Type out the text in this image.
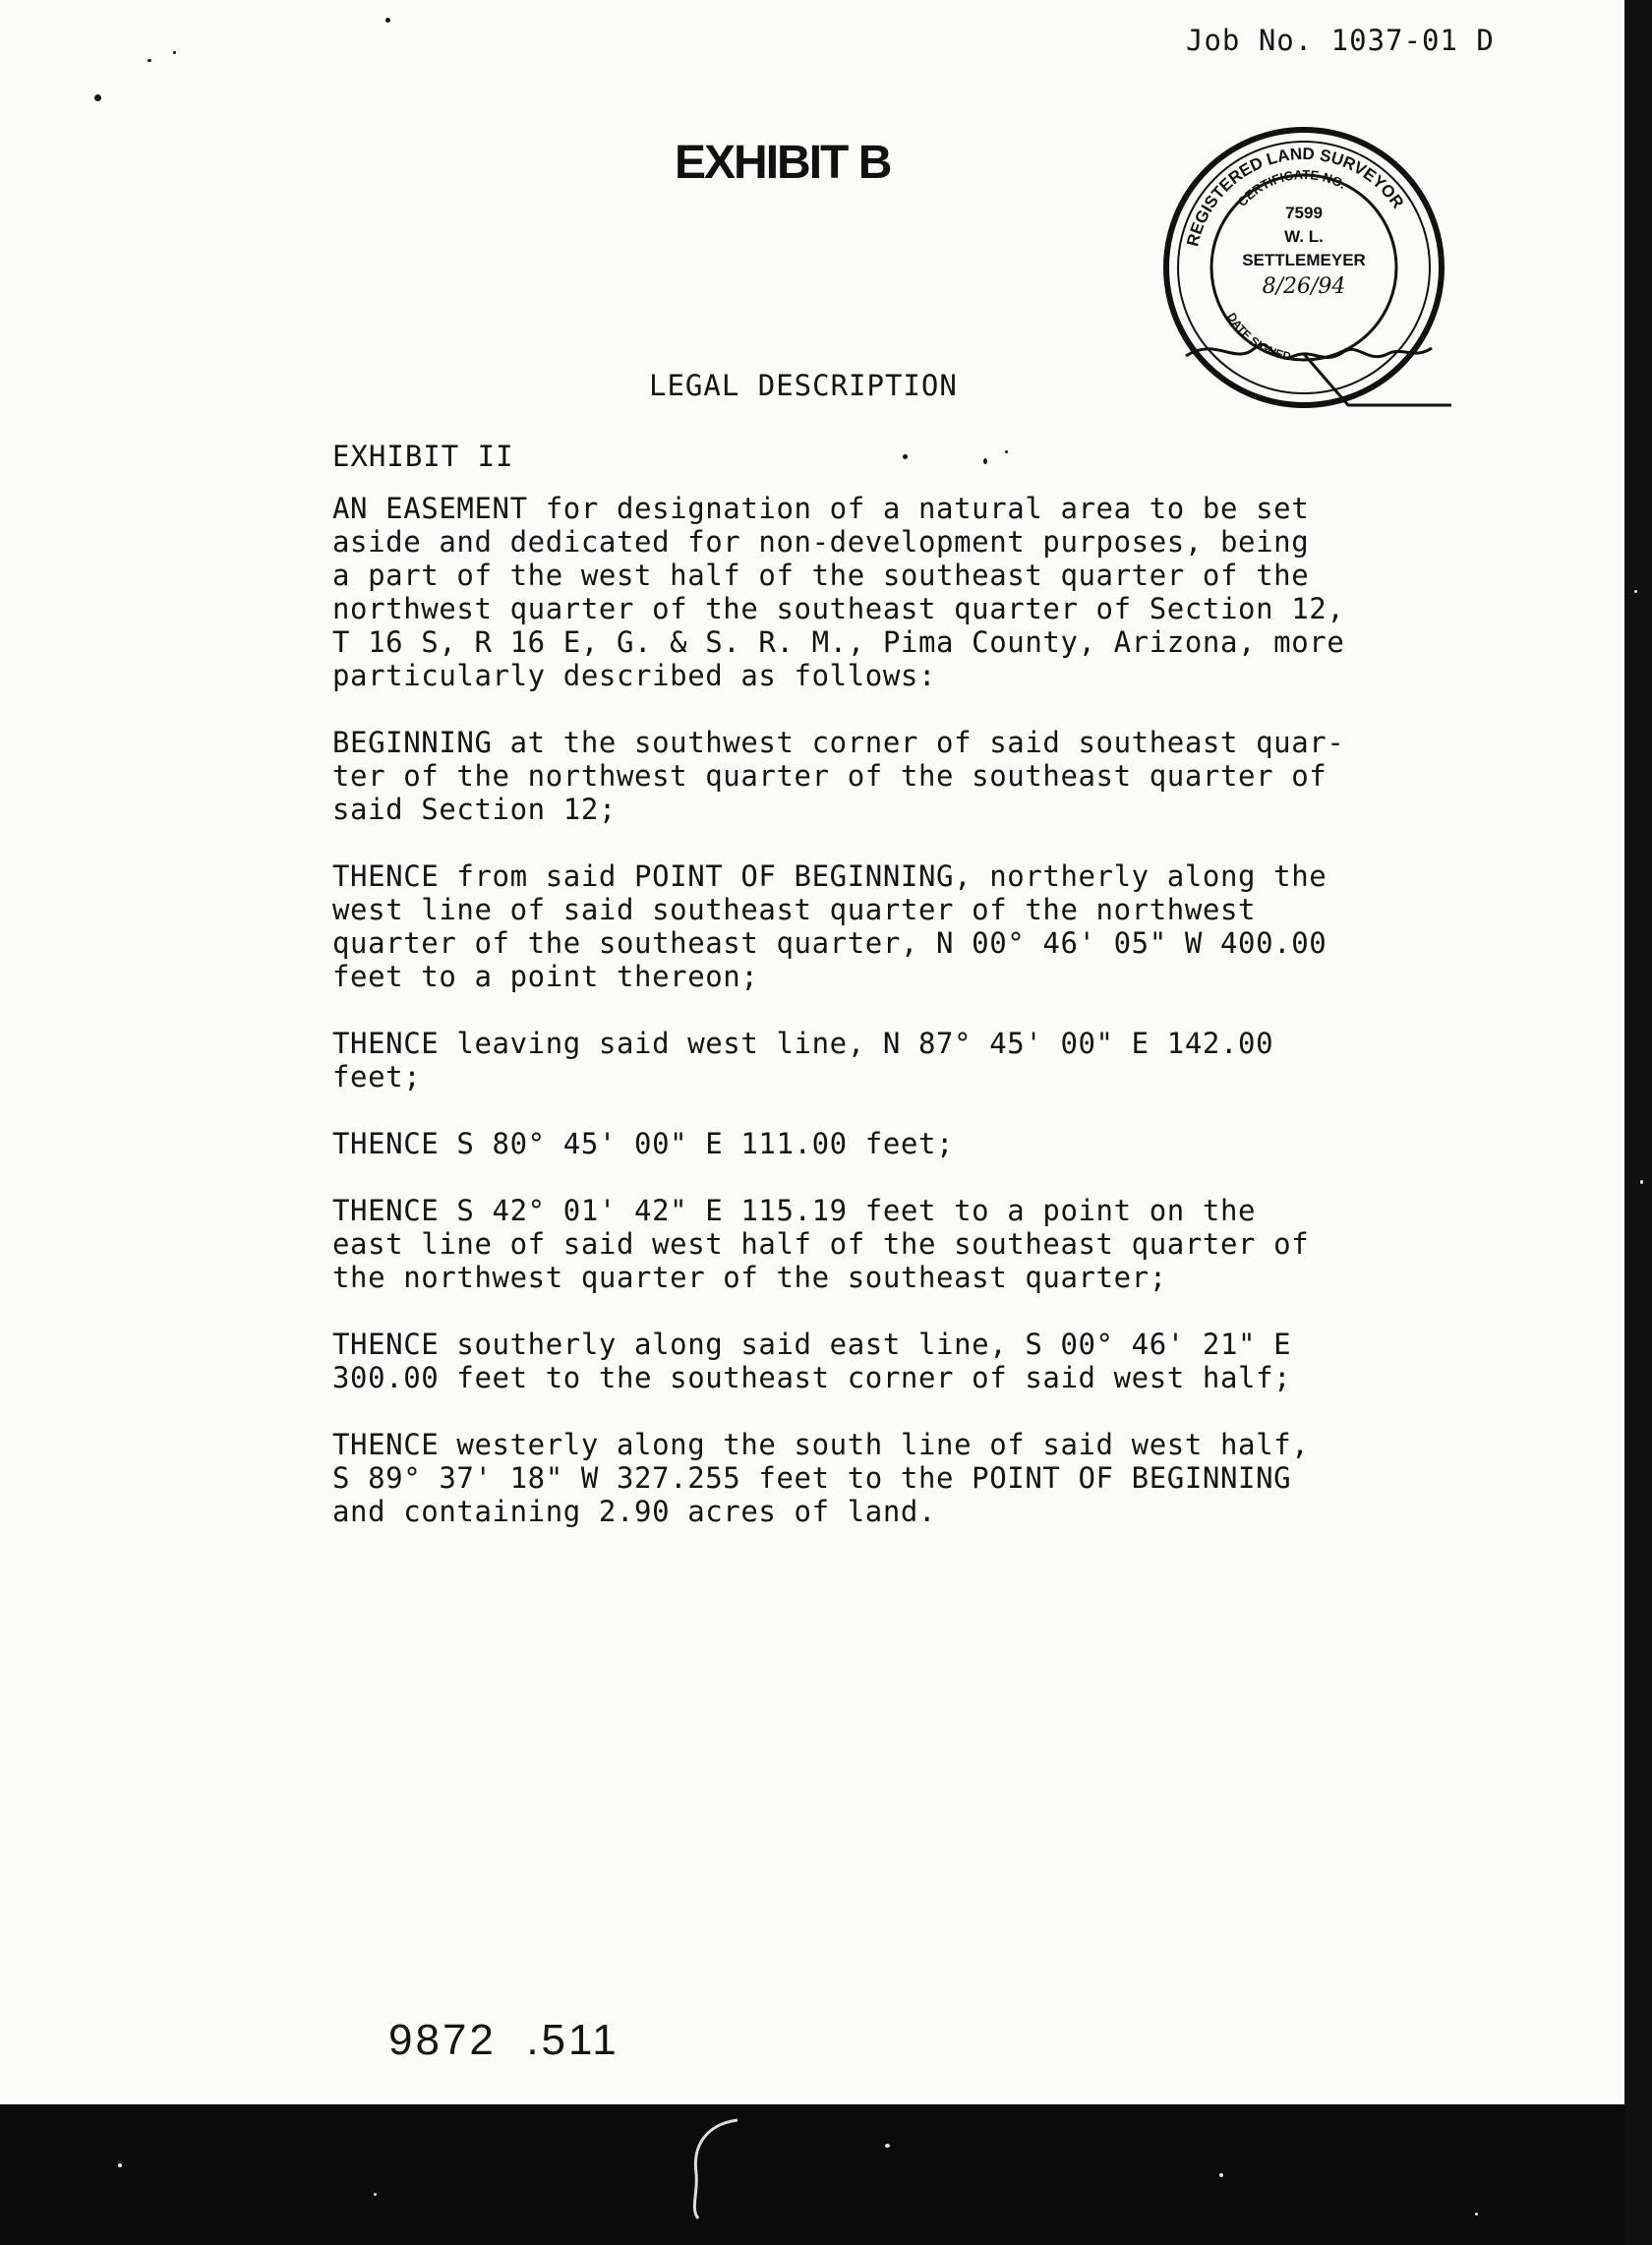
Job No. 1037-01 D
EXHIBIT B
REGISTERED LAND SURVEYOR
CERTIFICATE NO.
DATE SIGNED
7599
W. L.
SETTLEMEYER
8/26/94
LEGAL DESCRIPTION
EXHIBIT II

AN EASEMENT for designation of a natural area to be set
aside and dedicated for non-development purposes, being
a part of the west half of the southeast quarter of the
northwest quarter of the southeast quarter of Section 12,
T 16 S, R 16 E, G. & S. R. M., Pima County, Arizona, more
particularly described as follows:

BEGINNING at the southwest corner of said southeast quar-
ter of the northwest quarter of the southeast quarter of
said Section 12;

THENCE from said POINT OF BEGINNING, northerly along the
west line of said southeast quarter of the northwest
quarter of the southeast quarter, N 00° 46' 05" W 400.00
feet to a point thereon;

THENCE leaving said west line, N 87° 45' 00" E 142.00
feet;

THENCE S 80° 45' 00" E 111.00 feet;

THENCE S 42° 01' 42" E 115.19 feet to a point on the
east line of said west half of the southeast quarter of
the northwest quarter of the southeast quarter;

THENCE southerly along said east line, S 00° 46' 21" E
300.00 feet to the southeast corner of said west half;

THENCE westerly along the south line of said west half,
S 89° 37' 18" W 327.255 feet to the POINT OF BEGINNING
and containing 2.90 acres of land.

9872  .511
